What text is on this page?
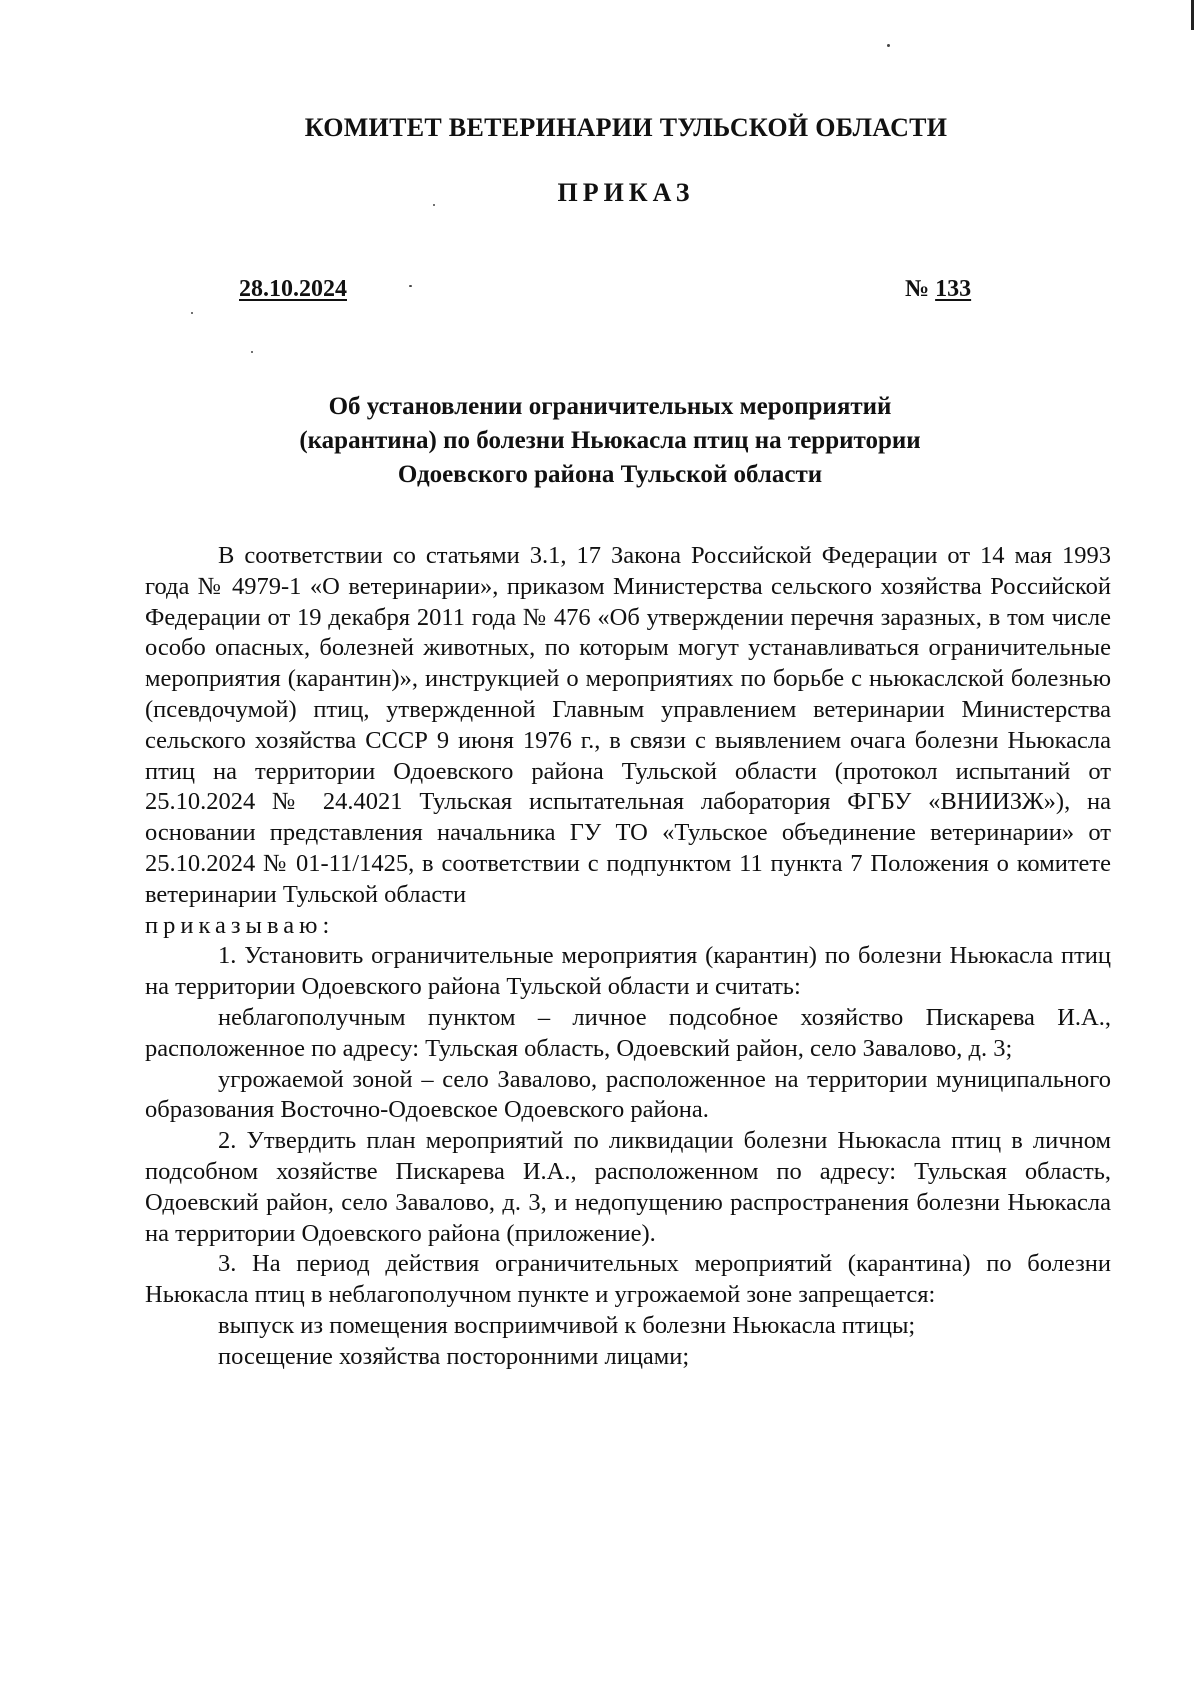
КОМИТЕТ ВЕТЕРИНАРИИ ТУЛЬСКОЙ ОБЛАСТИ
ПРИКАЗ
28.10.2024	№ 133
Об установлении ограничительных мероприятий
(карантина) по болезни Ньюкасла птиц на территории
Одоевского района Тульской области

В соответствии со статьями 3.1, 17 Закона Российской Федерации от 14 мая 1993 года № 4979-1 «О ветеринарии», приказом Министерства сельского хозяйства Российской Федерации от 19 декабря 2011 года № 476 «Об утверждении перечня заразных, в том числе особо опасных, болезней животных, по которым могут устанавливаться ограничительные мероприятия (карантин)», инструкцией о мероприятиях по борьбе с ньюкаслской болезнью (псевдочумой) птиц, утвержденной Главным управлением ветеринарии Министерства сельского хозяйства СССР 9 июня 1976 г., в связи с выявлением очага болезни Ньюкасла птиц на территории Одоевского района Тульской области (протокол испытаний от 25.10.2024 № 24.4021 Тульская испытательная лаборатория ФГБУ «ВНИИЗЖ»), на основании представления начальника ГУ ТО «Тульское объединение ветеринарии» от 25.10.2024 № 01-11/1425, в соответствии с подпунктом 11 пункта 7 Положения о комитете ветеринарии Тульской области

приказываю:

1. Установить ограничительные мероприятия (карантин) по болезни Ньюкасла птиц на территории Одоевского района Тульской области и считать:

неблагополучным пунктом – личное подсобное хозяйство Пискарева И.А., расположенное по адресу: Тульская область, Одоевский район, село Завалово, д. 3;

угрожаемой зоной – село Завалово, расположенное на территории муниципального образования Восточно-Одоевское Одоевского района.

2. Утвердить план мероприятий по ликвидации болезни Ньюкасла птиц в личном подсобном хозяйстве Пискарева И.А., расположенном по адресу: Тульская область, Одоевский район, село Завалово, д. 3, и недопущению распространения болезни Ньюкасла на территории Одоевского района (приложение).

3. На период действия ограничительных мероприятий (карантина) по болезни Ньюкасла птиц в неблагополучном пункте и угрожаемой зоне запрещается:

выпуск из помещения восприимчивой к болезни Ньюкасла птицы;

посещение хозяйства посторонними лицами;
